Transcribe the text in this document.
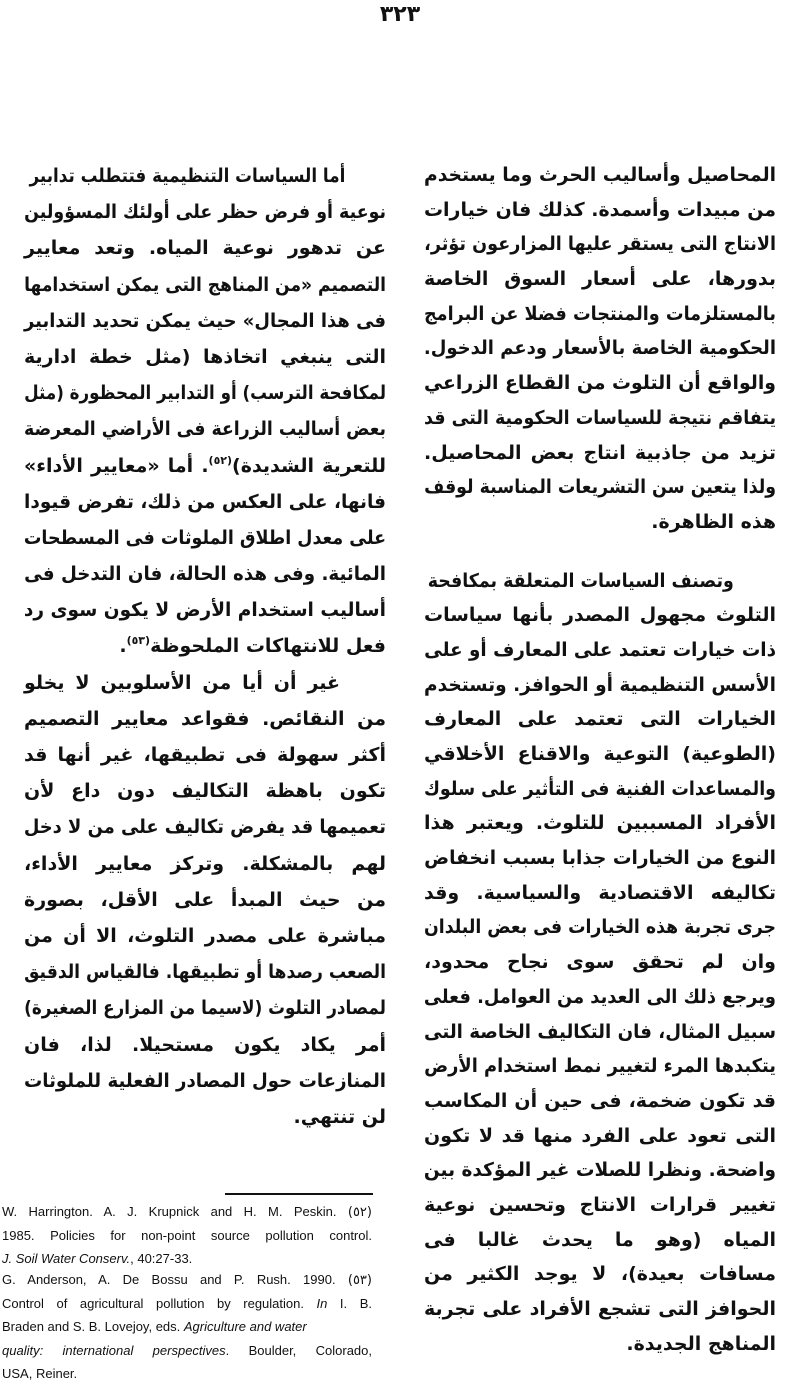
٣٢٣
المحاصيل وأساليب الحرث وما يستخدم
من مبيدات وأسمدة. كذلك فان خيارات
الانتاج التى يستقر عليها المزارعون تؤثر،
بدورها، على أسعار السوق الخاصة
بالمستلزمات والمنتجات فضلا عن البرامج
الحكومية الخاصة بالأسعار ودعم الدخول.
والواقع أن التلوث من القطاع الزراعي
يتفاقم نتيجة للسياسات الحكومية التى قد
تزيد من جاذبية انتاج بعض المحاصيل.
ولذا يتعين سن التشريعات المناسبة لوقف
هذه الظاهرة.
وتصنف السياسات المتعلقة بمكافحة
التلوث مجهول المصدر بأنها سياسات
ذات خيارات تعتمد على المعارف أو على
الأسس التنظيمية أو الحوافز. وتستخدم
الخيارات التى تعتمد على المعارف
(الطوعية) التوعية والاقناع الأخلاقي
والمساعدات الفنية فى التأثير على سلوك
الأفراد المسببين للتلوث. ويعتبر هذا
النوع من الخيارات جذابا بسبب انخفاض
تكاليفه الاقتصادية والسياسية. وقد
جرى تجربة هذه الخيارات فى بعض البلدان
وان لم تحقق سوى نجاح محدود،
ويرجع ذلك الى العديد من العوامل. فعلى
سبيل المثال، فان التكاليف الخاصة التى
يتكبدها المرء لتغيير نمط استخدام الأرض
قد تكون ضخمة، فى حين أن المكاسب
التى تعود على الفرد منها قد لا تكون
واضحة. ونظرا للصلات غير المؤكدة بين
تغيير قرارات الانتاج وتحسين نوعية
المياه (وهو ما يحدث غالبا فى
مسافات بعيدة)، لا يوجد الكثير من
الحوافز التى تشجع الأفراد على تجربة
المناهج الجديدة.
أما السياسات التنظيمية فتتطلب تدابير
نوعية أو فرض حظر على أولئك المسؤولين
عن تدهور نوعية المياه. وتعد معايير
التصميم «من المناهج التى يمكن استخدامها
فى هذا المجال» حيث يمكن تحديد التدابير
التى ينبغي اتخاذها (مثل خطة ادارية
لمكافحة الترسب) أو التدابير المحظورة (مثل
بعض أساليب الزراعة فى الأراضي المعرضة
للتعرية الشديدة)$^{(٥٢)}$. أما «معايير الأداء»
فانها، على العكس من ذلك، تفرض قيودا
على معدل اطلاق الملوثات فى المسطحات
المائية. وفى هذه الحالة، فان التدخل فى
أساليب استخدام الأرض لا يكون سوى رد
فعل للانتهاكات الملحوظة$^{(٥٣)}$.
غير أن أيا من الأسلوبين لا يخلو
من النقائص. فقواعد معايير التصميم
أكثر سهولة فى تطبيقها، غير أنها قد
تكون باهظة التكاليف دون داع لأن
تعميمها قد يفرض تكاليف على من لا دخل
لهم بالمشكلة. وتركز معايير الأداء،
من حيث المبدأ على الأقل، بصورة
مباشرة على مصدر التلوث، الا أن من
الصعب رصدها أو تطبيقها. فالقياس الدقيق
لمصادر التلوث (لاسيما من المزارع الصغيرة)
أمر يكاد يكون مستحيلا. لذا، فان
المنازعات حول المصادر الفعلية للملوثات
لن تنتهي.
W. Harrington. A. J. Krupnick and H. M. Peskin. (٥٢)
1985. Policies for non-point source pollution control.
J. Soil Water Conserv., 40:27-33.
G. Anderson, A. De Bossu and P. Rush. 1990. (٥٣)
Control of agricultural pollution by regulation. In I. B.
Braden and S. B. Lovejoy, eds. Agriculture and water
quality: international perspectives. Boulder, Colorado,
USA, Reiner.
